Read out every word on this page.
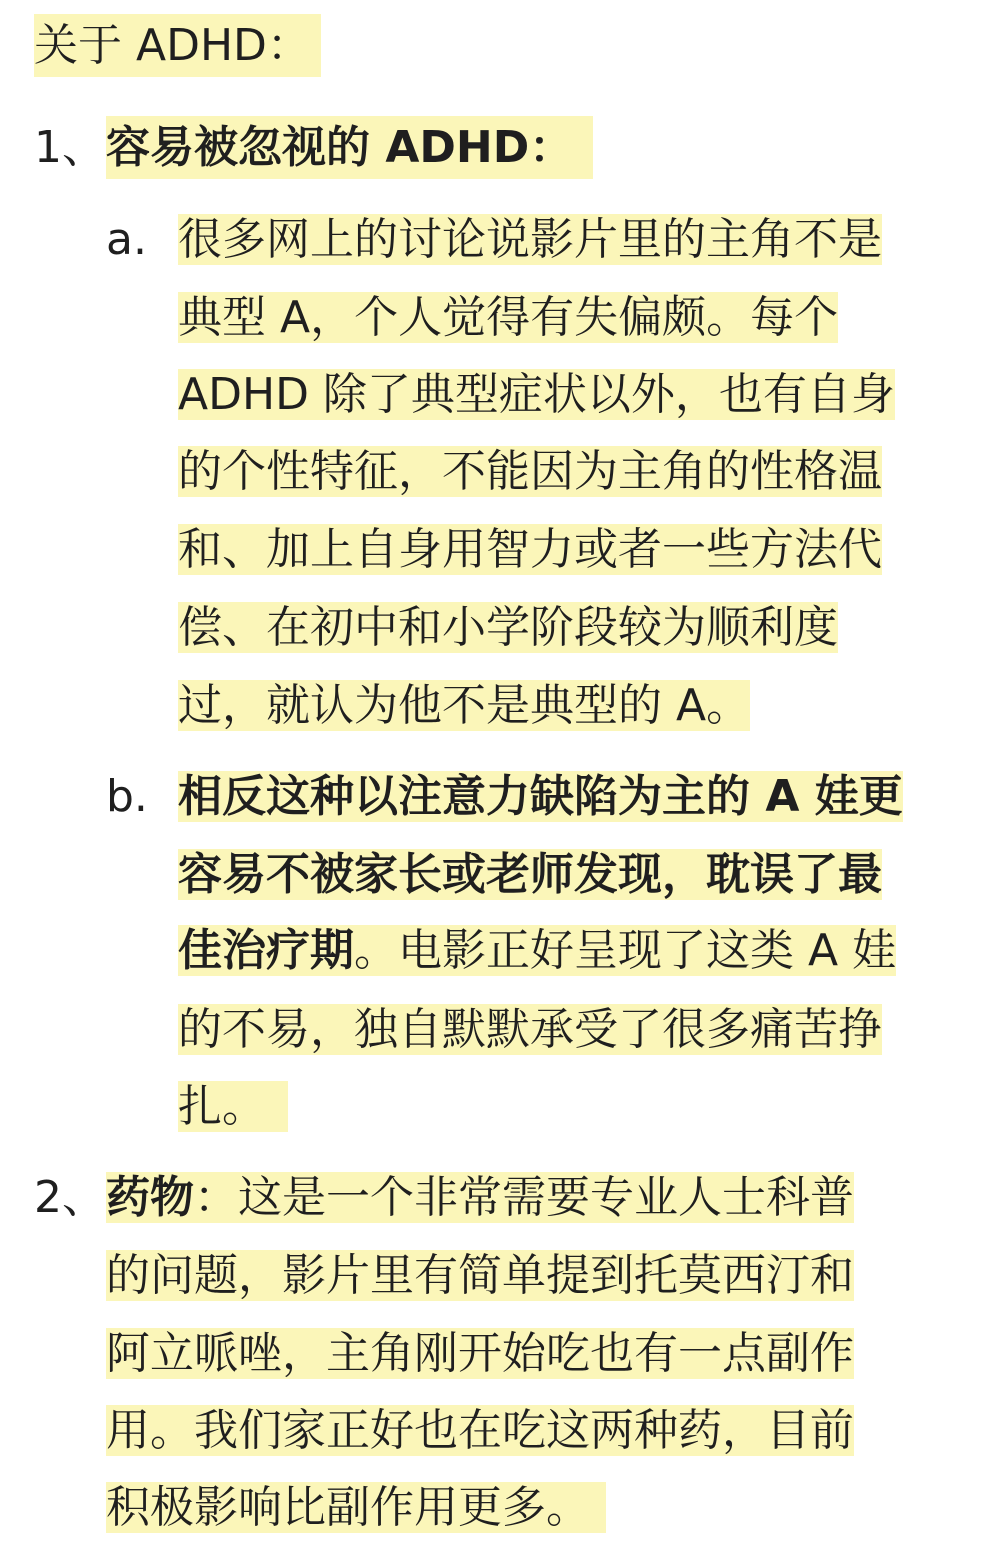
关于 ADHD：
1、 容易被忽视的 ADHD：
a. 很多网上的讨论说影片里的主角不是
典型 A，个人觉得有失偏颇。每个
ADHD 除了典型症状以外，也有自身
的个性特征，不能因为主角的性格温
和、加上自身用智力或者一些方法代
偿、在初中和小学阶段较为顺利度
过，就认为他不是典型的 A。
b. 相反这种以注意力缺陷为主的 A 娃更
容易不被家长或老师发现，耽误了最
佳治疗期。电影正好呈现了这类 A 娃
的不易，独自默默承受了很多痛苦挣
扎。
2、 药物：这是一个非常需要专业人士科普
的问题，影片里有简单提到托莫西汀和
阿立哌唑，主角刚开始吃也有一点副作
用。我们家正好也在吃这两种药，目前
积极影响比副作用更多。
